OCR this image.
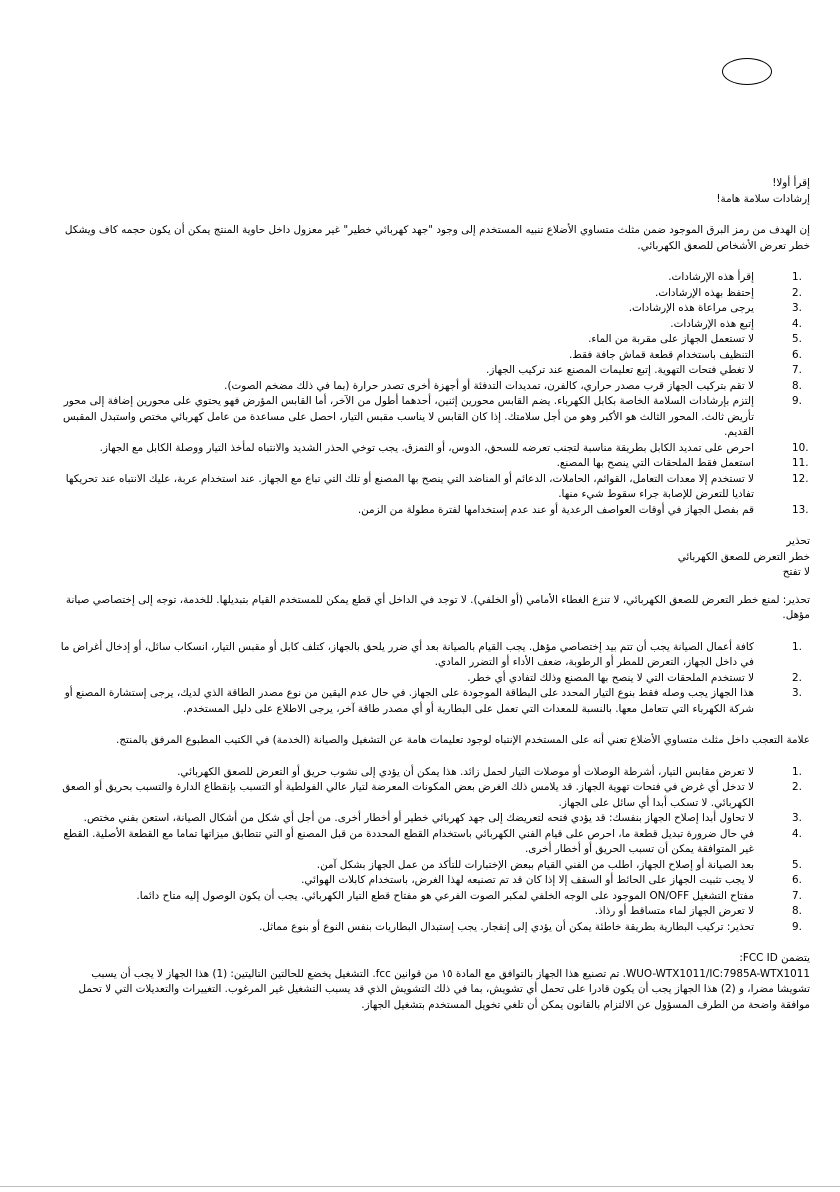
إقرأ أولا!

إرشادات سلامة هامة!

إن الهدف من رمز البرق الموجود ضمن مثلث متساوي الأضلاع تنبيه المستخدم إلى وجود "جهد كهربائي خطير" غير معزول داخل حاوية المنتج يمكن أن يكون حجمه كاف ويشكل خطر تعرض الأشخاص للصعق الكهربائي.

1.
إقرأ هذه الإرشادات.
2.
إحتفظ بهذه الإرشادات.
3.
يرجى مراعاة هذه الإرشادات.
4.
إتبع هذه الإرشادات.
5.
لا تستعمل الجهاز على مقربة من الماء.
6.
التنظيف باستخدام قطعة قماش جافة فقط.
7.
لا تغطي فتحات التهوية. إتبع تعليمات المصنع عند تركيب الجهاز.
8.
لا تقم بتركيب الجهاز قرب مصدر حراري، كالفرن، تمديدات التدفئة أو أجهزة أخرى تصدر حرارة (بما في ذلك مضخم الصوت).
9.
إلتزم بإرشادات السلامة الخاصة بكابل الكهرباء. يضم القابس محورين إثنين، أحدهما أطول من الآخر، أما القابس المؤرض فهو يحتوي على محورين إضافة إلى محور تأريض ثالث. المحور الثالث هو الأكبر وهو من أجل سلامتك. إذا كان القابس لا يناسب مقبس التيار، احصل على مساعدة من عامل كهربائي مختص واستبدل المقبس القديم.
10.
احرص على تمديد الكابل بطريقة مناسبة لتجنب تعرضه للسحق، الدوس، أو التمزق. يجب توخي الحذر الشديد والانتباه لمأخذ التيار ووصلة الكابل مع الجهاز.
11.
استعمل فقط الملحقات التي ينصح بها المصنع.
12.
لا تستخدم إلا معدات التعامل، القوائم، الحاملات، الدعائم أو المناضد التي ينصح بها المصنع أو تلك التي تباع مع الجهاز. عند استخدام عربة، عليك الانتباه عند تحريكها تفاديا للتعرض للإصابة جراء سقوط شيء منها.
13.
قم بفصل الجهاز في أوقات العواصف الرعدية أو عند عدم إستخدامها لفترة مطولة من الزمن.

تحذير

خطر التعرض للصعق الكهربائي

لا تفتح

تحذير: لمنع خطر التعرض للصعق الكهربائي، لا تنزع الغطاء الأمامي (أو الخلفي). لا توجد في الداخل أي قطع يمكن للمستخدم القيام بتبديلها. للخدمة، توجه إلى إختصاصي صيانة مؤهل.

1.
كافة أعمال الصيانة يجب أن تتم بيد إختصاصي مؤهل. يجب القيام بالصيانة بعد أي ضرر يلحق بالجهاز، كتلف كابل أو مقبس التيار، انسكاب سائل، أو إدخال أغراض ما في داخل الجهاز، التعرض للمطر أو الرطوبة، ضعف الأداء أو التضرر المادي.
2.
لا تستخدم الملحقات التي لا ينصح بها المصنع وذلك لتفادي أي خطر.
3.
هذا الجهاز يجب وصله فقط بنوع التيار المحدد على البطاقة الموجودة على الجهاز. في حال عدم اليقين من نوع مصدر الطاقة الذي لديك، يرجى إستشارة المصنع أو شركة الكهرباء التي تتعامل معها. بالنسبة للمعدات التي تعمل على البطارية أو أي مصدر طاقة آخر، يرجى الاطلاع على دليل المستخدم.

علامة التعجب داخل مثلث متساوي الأضلاع تعني أنه على المستخدم الإنتباه لوجود تعليمات هامة عن التشغيل والصيانة (الخدمة) في الكتيب المطبوع المرفق بالمنتج.

1.
لا تعرض مقابس التيار، أشرطة الوصلات أو موصلات التيار لحمل زائد. هذا يمكن أن يؤدي إلى نشوب حريق أو التعرض للصعق الكهربائي.
2.
لا تدخل أي غرض في فتحات تهوية الجهاز. قد يلامس ذلك الغرض بعض المكونات المعرضة لتيار عالي الفولطية أو التسبب بإنقطاع الدارة والتسبب بحريق أو الصعق الكهربائي. لا تسكب أبدا أي سائل على الجهاز.
3.
لا تحاول أبدا إصلاح الجهاز بنفسك: قد يؤدي فتحه لتعريضك إلى جهد كهربائي خطير أو أخطار أخرى. من أجل أي شكل من أشكال الصيانة، استعن بفني مختص.
4.
في حال ضرورة تبديل قطعة ما، احرص على قيام الفني الكهربائي باستخدام القطع المحددة من قبل المصنع أو التي تتطابق ميزاتها تماما مع القطعة الأصلية. القطع غير المتوافقة يمكن أن تسبب الحريق أو أخطار أخرى.
5.
بعد الصيانة أو إصلاح الجهاز، اطلب من الفني القيام ببعض الإختبارات للتأكد من عمل الجهاز بشكل آمن.
6.
لا يجب تثبيت الجهاز على الحائط أو السقف إلا إذا كان قد تم تصنيعه لهذا الغرض، باستخدام كابلات الهوائي.
7.
مفتاح التشغيل ON/OFF الموجود على الوجه الخلفي لمكبر الصوت الفرعي هو مفتاح قطع التيار الكهربائي. يجب أن يكون الوصول إليه متاح دائما.
8.
لا تعرض الجهاز لماء متساقط أو رذاذ.
9.
تحذير: تركيب البطارية بطريقة خاطئة يمكن أن يؤدي إلى إنفجار. يجب إستبدال البطاريات بنفس النوع أو بنوع مماثل.

يتضمن FCC ID:

WUO-WTX1011/IC:7985A-WTX1011. تم تصنيع هذا الجهاز بالتوافق مع المادة ١٥ من قوانين fcc. التشغيل يخضع للحالتين التاليتين: (1) هذا الجهاز لا يجب أن يسبب تشويشا مضرا، و (2) هذا الجهاز يجب أن يكون قادرا على تحمل أي تشويش، بما في ذلك التشويش الذي قد يسبب التشغيل غير المرغوب. التغييرات والتعديلات التي لا تحمل موافقة واضحة من الطرف المسؤول عن الالتزام بالقانون يمكن أن تلغي تخويل المستخدم بتشغيل الجهاز.
